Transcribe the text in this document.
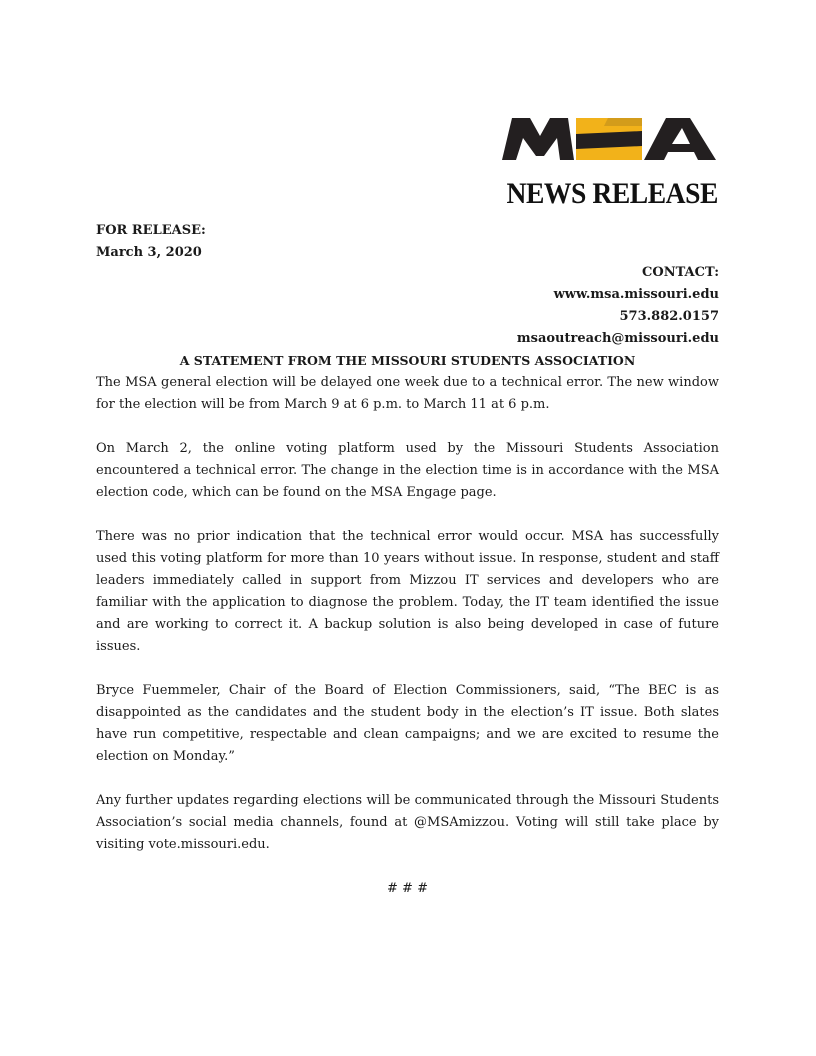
NEWS RELEASE
FOR RELEASE:
March 3, 2020
CONTACT:
www.msa.missouri.edu
573.882.0157
msaoutreach@missouri.edu
A STATEMENT FROM THE MISSOURI STUDENTS ASSOCIATION

The MSA general election will be delayed one week due to a technical error. The new window for the election will be from March 9 at 6 p.m. to March 11 at 6 p.m.

On March 2, the online voting platform used by the Missouri Students Association encountered a technical error. The change in the election time is in accordance with the MSA election code, which can be found on the MSA Engage page.

There was no prior indication that the technical error would occur. MSA has successfully used this voting platform for more than 10 years without issue. In response, student and staff leaders immediately called in support from Mizzou IT services and developers who are familiar with the application to diagnose the problem. Today, the IT team identified the issue and are working to correct it. A backup solution is also being developed in case of future issues.

Bryce Fuemmeler, Chair of the Board of Election Commissioners, said, “The BEC is as disappointed as the candidates and the student body in the election’s IT issue. Both slates have run competitive, respectable and clean campaigns; and we are excited to resume the election on Monday.”

Any further updates regarding elections will be communicated through the Missouri Students Association’s social media channels, found at @MSAmizzou. Voting will still take place by visiting vote.missouri.edu.

# # #
